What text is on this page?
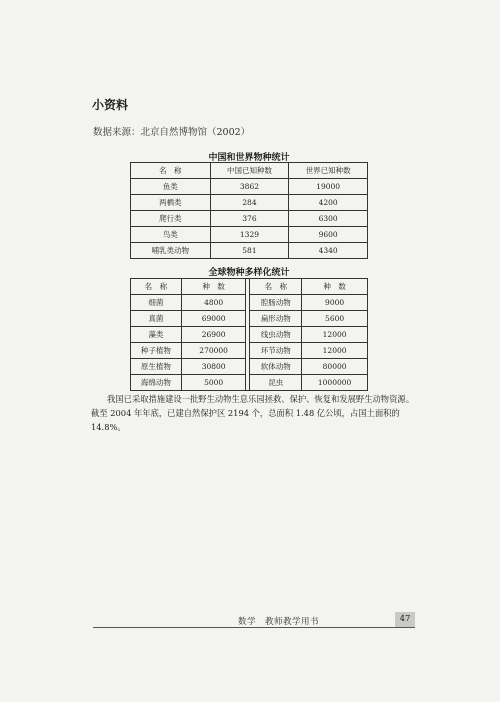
小资料
数据来源：北京自然博物馆（2002）
中国和世界物种统计
名　称	中国已知种数	世界已知种数
鱼类	3862	19000
两栖类	284	4200
爬行类	376	6300
鸟类	1329	9600
哺乳类动物	581	4340
全球物种多样化统计
名　称	种　数		名　称	种　数
细菌	4800		腔肠动物	9000
真菌	69000		扁形动物	5600
藻类	26900		线虫动物	12000
种子植物	270000		环节动物	12000
原生植物	30800		软体动物	80000
海绵动物	5000		昆虫	1000000

我国已采取措施建设一批野生动物生息乐园拯救、保护、恢复和发展野生动物资源。截至 2004 年年底，已建自然保护区 2194 个，总面积 1.48 亿公顷，占国土面积的 14.8%。

数学　教师教学用书	47
